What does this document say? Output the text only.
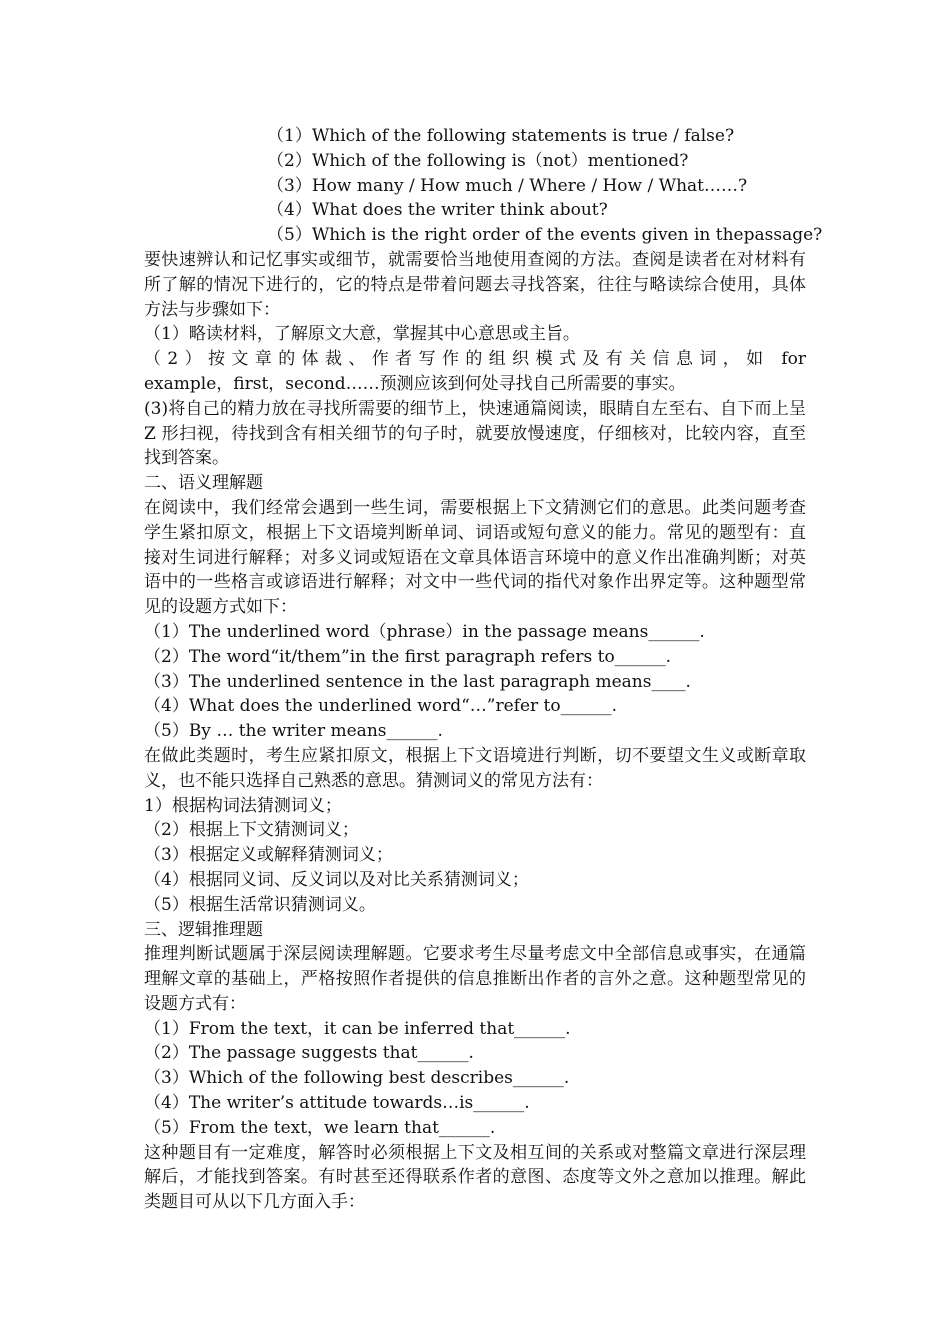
（1）Which of the following statements is true / false?
（2）Which of the following is（not）mentioned?
（3）How many / How much / Where / How / What……?
（4）What does the writer think about?
（5）Which is the right order of the events given in thepassage?
要快速辨认和记忆事实或细节，就需要恰当地使用查阅的方法。查阅是读者在对材料有所了解的情况下进行的，它的特点是带着问题去寻找答案，往往与略读综合使用，具体方法与步骤如下：
（1）略读材料，了解原文大意，掌握其中心意思或主旨。
（2）按文章的体裁、作者写作的组织模式及有关信息词，如 for
example，first，second……预测应该到何处寻找自己所需要的事实。
(3)将自己的精力放在寻找所需要的细节上，快速通篇阅读，眼睛自左至右、自下而上呈 Z 形扫视，待找到含有相关细节的句子时，就要放慢速度，仔细核对，比较内容，直至找到答案。
二、语义理解题
在阅读中，我们经常会遇到一些生词，需要根据上下文猜测它们的意思。此类问题考查学生紧扣原文，根据上下文语境判断单词、词语或短句意义的能力。常见的题型有：直接对生词进行解释；对多义词或短语在文章具体语言环境中的意义作出准确判断；对英语中的一些格言或谚语进行解释；对文中一些代词的指代对象作出界定等。这种题型常见的设题方式如下：
（1）The underlined word（phrase）in the passage means______.
（2）The word“it/them”in the first paragraph refers to______.
（3）The underlined sentence in the last paragraph means____.
（4）What does the underlined word“…”refer to______.
（5）By … the writer means______.
在做此类题时，考生应紧扣原文，根据上下文语境进行判断，切不要望文生义或断章取义，也不能只选择自己熟悉的意思。猜测词义的常见方法有：
1）根据构词法猜测词义；
（2）根据上下文猜测词义；
（3）根据定义或解释猜测词义；
（4）根据同义词、反义词以及对比关系猜测词义；
（5）根据生活常识猜测词义。
三、逻辑推理题
推理判断试题属于深层阅读理解题。它要求考生尽量考虑文中全部信息或事实，在通篇理解文章的基础上，严格按照作者提供的信息推断出作者的言外之意。这种题型常见的设题方式有：
（1）From the text，it can be inferred that______.
（2）The passage suggests that______.
（3）Which of the following best describes______.
（4）The writer’s attitude towards…is______.
（5）From the text，we learn that______.
这种题目有一定难度，解答时必须根据上下文及相互间的关系或对整篇文章进行深层理解后，才能找到答案。有时甚至还得联系作者的意图、态度等文外之意加以推理。解此类题目可从以下几方面入手：
